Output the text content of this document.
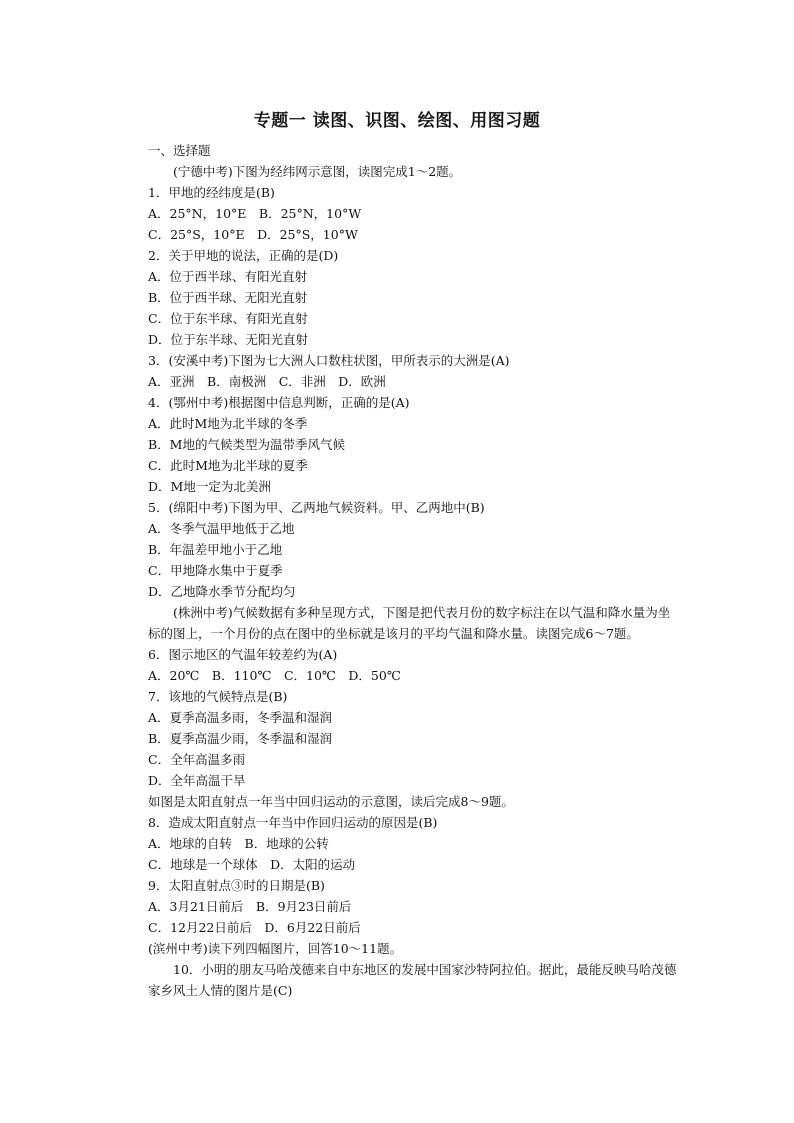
专题一 读图、识图、绘图、用图习题
一、选择题
(宁德中考)下图为经纬网示意图，读图完成1～2题。
1．甲地的经纬度是(B)
A．25°N，10°E　B．25°N，10°W
C．25°S，10°E　D．25°S，10°W
2．关于甲地的说法，正确的是(D)
A．位于西半球、有阳光直射
B．位于西半球、无阳光直射
C．位于东半球、有阳光直射
D．位于东半球、无阳光直射
3．(安溪中考)下图为七大洲人口数柱状图，甲所表示的大洲是(A)
A．亚洲　B．南极洲　C．非洲　D．欧洲
4．(鄂州中考)根据图中信息判断，正确的是(A)
A．此时M地为北半球的冬季
B．M地的气候类型为温带季风气候
C．此时M地为北半球的夏季
D．M地一定为北美洲
5．(绵阳中考)下图为甲、乙两地气候资料。甲、乙两地中(B)
A．冬季气温甲地低于乙地
B．年温差甲地小于乙地
C．甲地降水集中于夏季
D．乙地降水季节分配均匀
(株洲中考)气候数据有多种呈现方式，下图是把代表月份的数字标注在以气温和降水量为坐标的图上，一个月份的点在图中的坐标就是该月的平均气温和降水量。读图完成6～7题。
6．图示地区的气温年较差约为(A)
A．20℃　B．110℃　C．10℃　D．50℃
7．该地的气候特点是(B)
A．夏季高温多雨，冬季温和湿润
B．夏季高温少雨，冬季温和湿润
C．全年高温多雨
D．全年高温干旱
如图是太阳直射点一年当中回归运动的示意图，读后完成8～9题。
8．造成太阳直射点一年当中作回归运动的原因是(B)
A．地球的自转　B．地球的公转
C．地球是一个球体　D．太阳的运动
9．太阳直射点③时的日期是(B)
A．3月21日前后　B．9月23日前后
C．12月22日前后　D．6月22日前后
(滨州中考)读下列四幅图片，回答10～11题。
10．小明的朋友马哈茂德来自中东地区的发展中国家沙特阿拉伯。据此，最能反映马哈茂德家乡风土人情的图片是(C)
